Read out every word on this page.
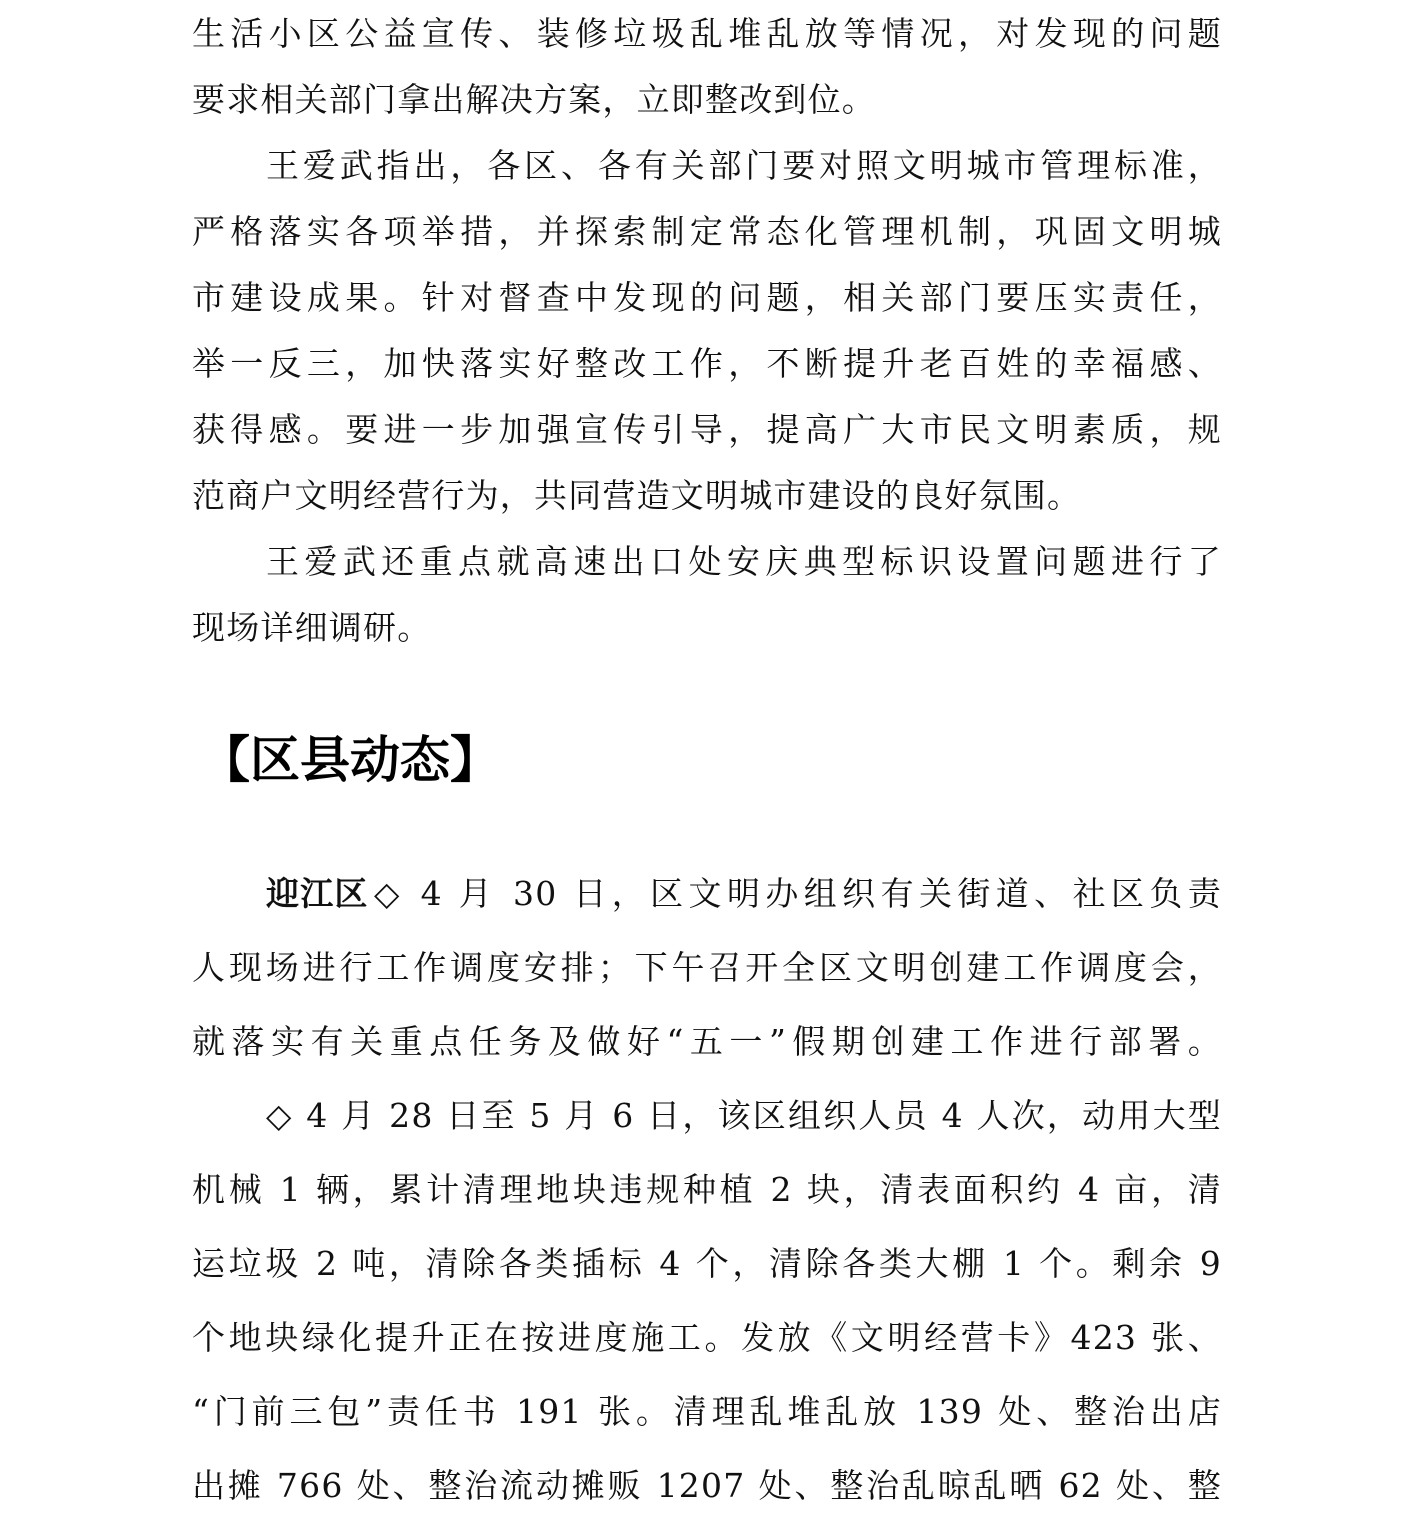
生活小区公益宣传、装修垃圾乱堆乱放等情况，对发现的问题
要求相关部门拿出解决方案，立即整改到位。
王爱武指出，各区、各有关部门要对照文明城市管理标准，
严格落实各项举措，并探索制定常态化管理机制，巩固文明城
市建设成果。针对督查中发现的问题，相关部门要压实责任，
举一反三，加快落实好整改工作，不断提升老百姓的幸福感、
获得感。要进一步加强宣传引导，提高广大市民文明素质，规
范商户文明经营行为，共同营造文明城市建设的良好氛围。
王爱武还重点就高速出口处安庆典型标识设置问题进行了
现场详细调研。
【区县动态】
迎江区 ◇ 4 月 30 日，区文明办组织有关街道、社区负责
人现场进行工作调度安排；下午召开全区文明创建工作调度会，
就落实有关重点任务及做好“五一”假期创建工作进行部署。
◇ 4 月 28 日至 5 月 6 日，该区组织人员 4 人次，动用大型
机械 1 辆，累计清理地块违规种植 2 块，清表面积约 4 亩，清
运垃圾 2 吨，清除各类插标 4 个，清除各类大棚 1 个。剩余 9
个地块绿化提升正在按进度施工。发放《文明经营卡》423 张、
“门前三包”责任书 191 张。清理乱堆乱放 139 处、整治出店
出摊 766 处、整治流动摊贩 1207 处、整治乱晾乱晒 62 处、整
